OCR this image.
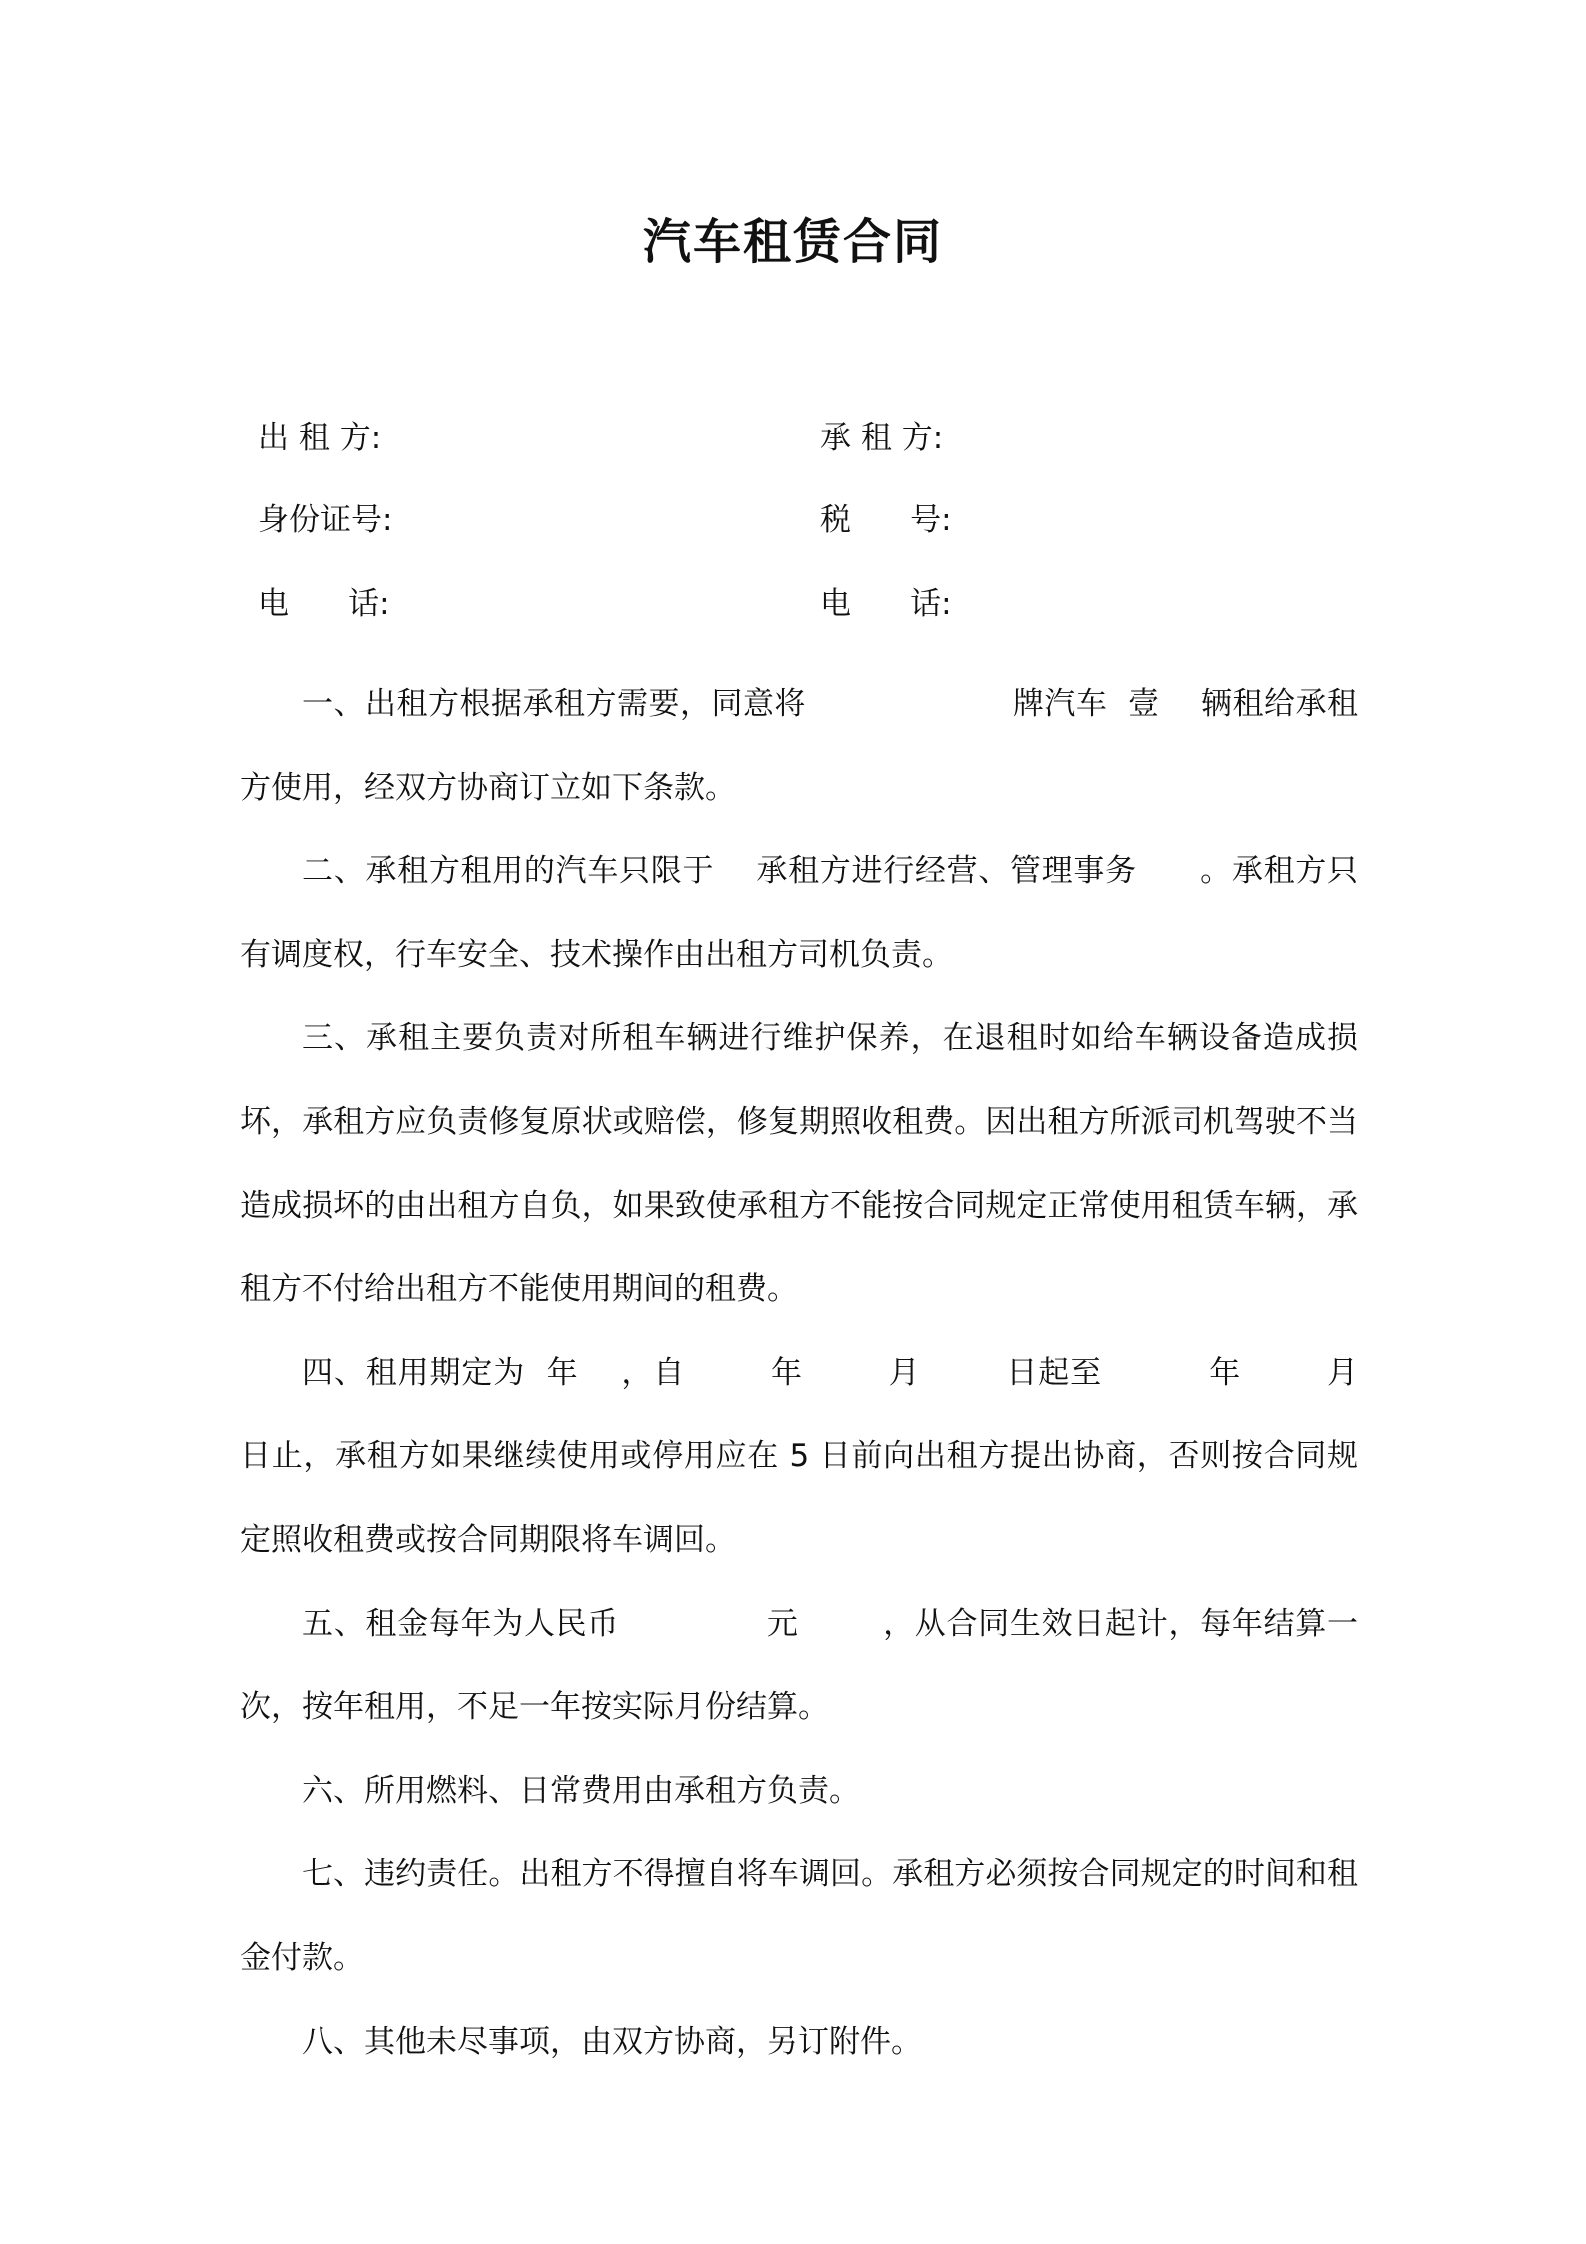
汽车租赁合同
出 租 方:	承 租 方:
身份证号:	税      号:
电      话:	电      话:

一、出租方根据承租方需要，同意将                    牌汽车  壹    辆租给承租方使用，经双方协商订立如下条款。

二、承租方租用的汽车只限于    承租方进行经营、管理事务      。承租方只有调度权，行车安全、技术操作由出租方司机负责。

三、承租主要负责对所租车辆进行维护保养，在退租时如给车辆设备造成损坏，承租方应负责修复原状或赔偿，修复期照收租费。因出租方所派司机驾驶不当造成损坏的由出租方自负，如果致使承租方不能按合同规定正常使用租赁车辆，承租方不付给出租方不能使用期间的租费。

四、租用期定为  年    ，自        年        月        日起至          年        月        日止，承租方如果继续使用或停用应在 5 日前向出租方提出协商，否则按合同规定照收租费或按合同期限将车调回。

五、租金每年为人民币              元        ，从合同生效日起计，每年结算一次，按年租用，不足一年按实际月份结算。

六、所用燃料、日常费用由承租方负责。

七、违约责任。出租方不得擅自将车调回。承租方必须按合同规定的时间和租金付款。

八、其他未尽事项，由双方协商，另订附件。
